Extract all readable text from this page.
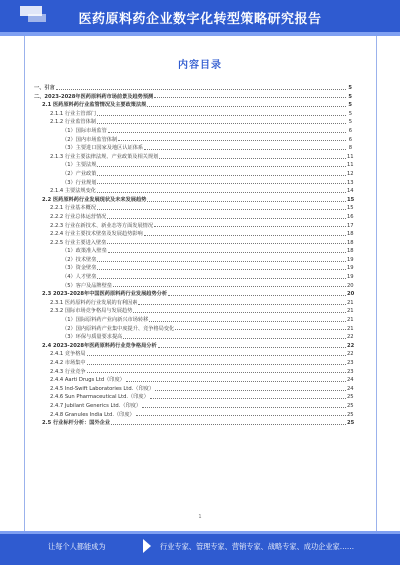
医药原料药企业数字化转型策略研究报告
内容目录
一、引言	5
二、2023-2028年医药原料药市场前景及趋势预测	5
2.1 医药原料药行业监管情况及主要政策法规	5
2.1.1 行业主管部门	5
2.1.2 行业监管体制	5
（1）国际市场监管	6
（2）国内市场监管体制	6
（3）主要进口国家及地区认证体系	8
2.1.3 行业主要法律法规、产业政策及相关规划	11
（1）主要法规	11
（2）产业政策	12
（3）行业规划	13
2.1.4 主要法规变化	14
2.2 医药原料药行业发展现状及未来发展趋势	15
2.2.1 行业基本概况	15
2.2.2 行业总体运营情况	16
2.2.3 行业在新技术、新业态等方面发展情况	17
2.2.4 行业主要技术壁垒及发展趋势影响	18
2.2.5 行业主要进入壁垒	18
（1）政策准入壁垒	18
（2）技术壁垒	19
（3）资金壁垒	19
（4）人才壁垒	19
（5）客户及品牌壁垒	20
2.3 2023-2028年中国医药原料药行业发展趋势分析	20
2.3.1 医药原料药行业发展的有利因素	21
2.3.2 国际市场竞争格局与发展趋势	21
（1）国际原料药产业向新兴市场转移	21
（2）国内原料药产业集中度提升、竞争格局变化	21
（3）环保与质量要求提高	22
2.4 2023-2028年医药原料药行业竞争格局分析	22
2.4.1 竞争格局	22
2.4.2 市场集中	23
2.4.3 行业竞争	23
2.4.4 Aarti Drugs Ltd（印度）	24
2.4.5 Ind-Swift Laboratories Ltd.（印度）	24
2.4.6 Sun Pharmaceutical Ltd.（印度）	25
2.4.7 Jubilant Generics Ltd.（印度）	25
2.4.8 Granules India Ltd.（印度）	25
2.5 行业标杆分析：国外企业	25
1
让每个人都能成为	行业专家、管理专家、营销专家、战略专家、成功企业家……
